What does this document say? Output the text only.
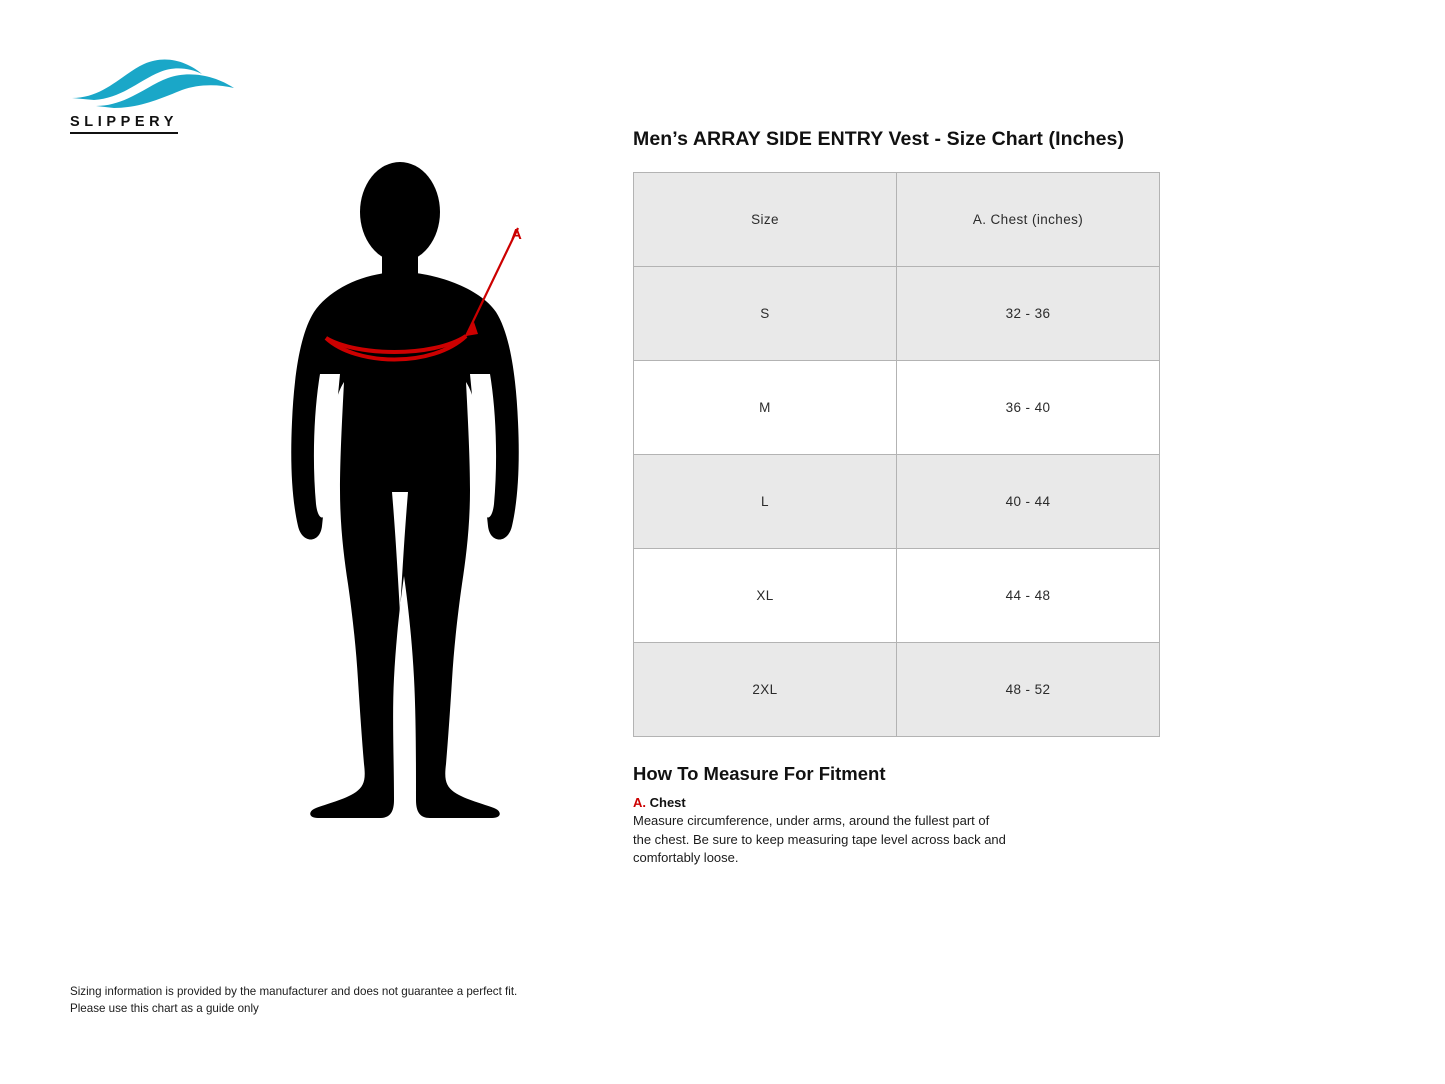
SLIPPERY
A
Men’s ARRAY SIDE ENTRY Vest - Size Chart (Inches)
Size	A. Chest (inches)
S	32 - 36
M	36 - 40
L	40 - 44
XL	44 - 48
2XL	48 - 52
How To Measure For Fitment
A. Chest
Measure circumference, under arms, around the fullest part of the chest. Be sure to keep measuring tape level across back and comfortably loose.
Sizing information is provided by the manufacturer and does not guarantee a perfect fit.
Please use this chart as a guide only
